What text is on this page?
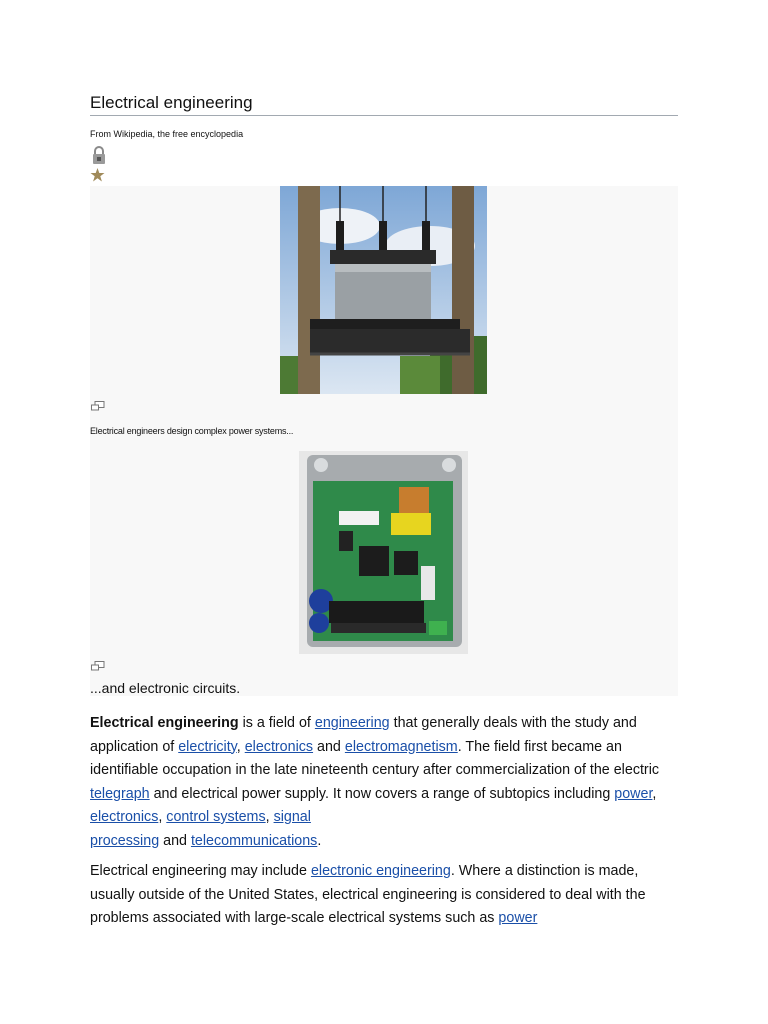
Electrical engineering
From Wikipedia, the free encyclopedia
Electrical engineers design complex power systems...
...and electronic circuits.

Electrical engineering is a field of engineering that generally deals with the study and application of electricity, electronics and electromagnetism. The field first became an identifiable occupation in the late nineteenth century after commercialization of the electric telegraph and electrical power supply. It now covers a range of subtopics including power, electronics, control systems, signal
processing and telecommunications.

Electrical engineering may include electronic engineering. Where a distinction is made, usually outside of the United States, electrical engineering is considered to deal with the problems associated with large-scale electrical systems such as power
